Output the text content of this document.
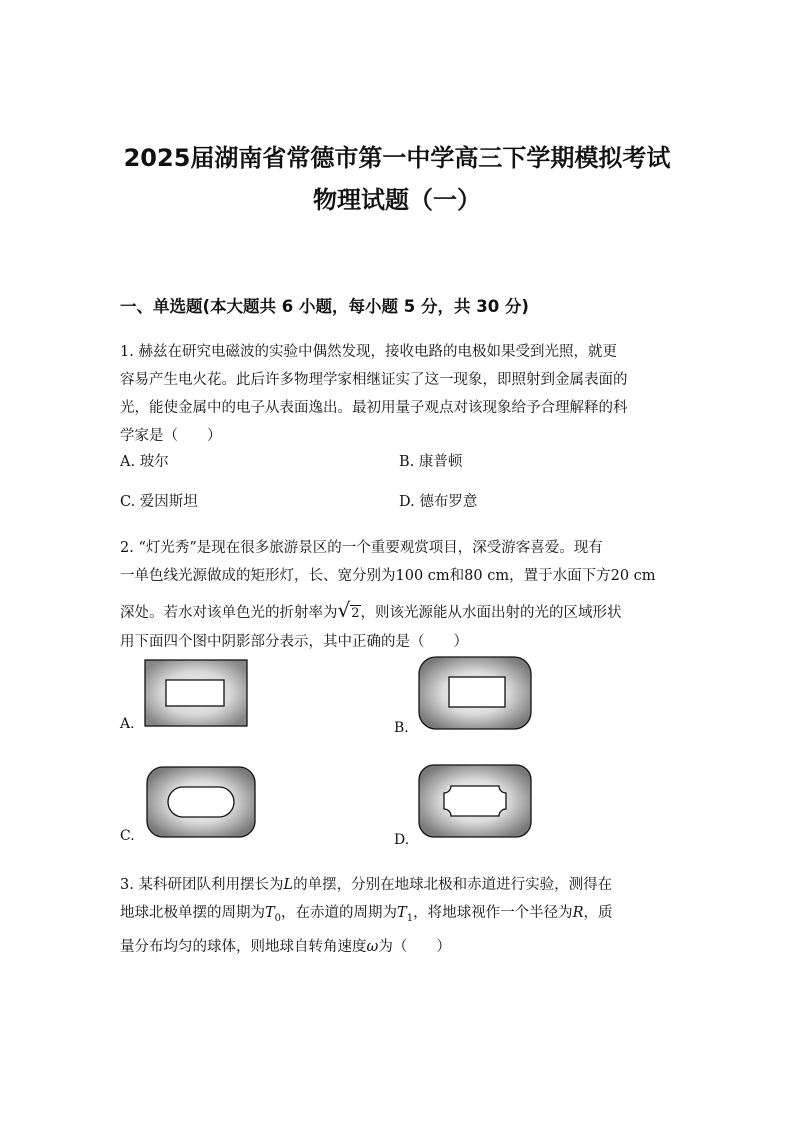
2025届湖南省常德市第一中学高三下学期模拟考试
物理试题（一）
一、单选题(本大题共 6 小题，每小题 5 分，共 30 分)
1. 赫兹在研究电磁波的实验中偶然发现，接收电路的电极如果受到光照，就更
容易产生电火花。此后许多物理学家相继证实了这一现象，即照射到金属表面的
光，能使金属中的电子从表面逸出。最初用量子观点对该现象给予合理解释的科
学家是（　　）
A. 玻尔	B. 康普顿
C. 爱因斯坦	D. 德布罗意
2. “灯光秀”是现在很多旅游景区的一个重要观赏项目，深受游客喜爱。现有
一单色线光源做成的矩形灯，长、宽分别为100 cm和80 cm，置于水面下方20 cm
深处。若水对该单色光的折射率为√2，则该光源能从水面出射的光的区域形状
用下面四个图中阴影部分表示，其中正确的是（　　）
A.	B.
C.	D.
3. 某科研团队利用摆长为L的单摆，分别在地球北极和赤道进行实验，测得在
地球北极单摆的周期为$T_0$，在赤道的周期为$T_1$，将地球视作一个半径为R，质
量分布均匀的球体，则地球自转角速度ω为（　　）
